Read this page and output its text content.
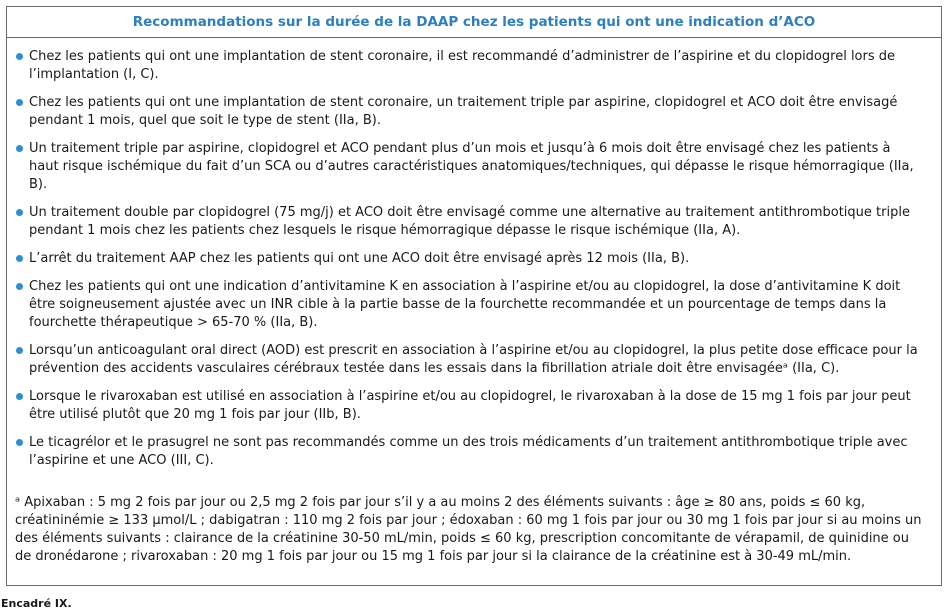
Recommandations sur la durée de la DAAP chez les patients qui ont une indication d’ACO
Chez les patients qui ont une implantation de stent coronaire, il est recommandé d’administrer de l’aspirine et du clopidogrel lors de l’implantation (I, C).
Chez les patients qui ont une implantation de stent coronaire, un traitement triple par aspirine, clopidogrel et ACO doit être envisagé pendant 1 mois, quel que soit le type de stent (IIa, B).
Un traitement triple par aspirine, clopidogrel et ACO pendant plus d’un mois et jusqu’à 6 mois doit être envisagé chez les patients à haut risque ischémique du fait d’un SCA ou d’autres caractéristiques anatomiques/techniques, qui dépasse le risque hémorragique (IIa, B).
Un traitement double par clopidogrel (75 mg/j) et ACO doit être envisagé comme une alternative au traitement antithrombotique triple pendant 1 mois chez les patients chez lesquels le risque hémorragique dépasse le risque ischémique (IIa, A).
L’arrêt du traitement AAP chez les patients qui ont une ACO doit être envisagé après 12 mois (IIa, B).
Chez les patients qui ont une indication d’antivitamine K en association à l’aspirine et/ou au clopidogrel, la dose d’antivitamine K doit être soigneusement ajustée avec un INR cible à la partie basse de la fourchette recommandée et un pourcentage de temps dans la fourchette thérapeutique > 65-70 % (IIa, B).
Lorsqu’un anticoagulant oral direct (AOD) est prescrit en association à l’aspirine et/ou au clopidogrel, la plus petite dose efficace pour la prévention des accidents vasculaires cérébraux testée dans les essais dans la fibrillation atriale doit être envisagéeᵃ (IIa, C).
Lorsque le rivaroxaban est utilisé en association à l’aspirine et/ou au clopidogrel, le rivaroxaban à la dose de 15 mg 1 fois par jour peut être utilisé plutôt que 20 mg 1 fois par jour (IIb, B).
Le ticagrélor et le prasugrel ne sont pas recommandés comme un des trois médicaments d’un traitement antithrombotique triple avec l’aspirine et une ACO (III, C).
ᵃ Apixaban : 5 mg 2 fois par jour ou 2,5 mg 2 fois par jour s’il y a au moins 2 des éléments suivants : âge ≥ 80 ans, poids ≤ 60 kg, créatininémie ≥ 133 µmol/L ; dabigatran : 110 mg 2 fois par jour ; édoxaban : 60 mg 1 fois par jour ou 30 mg 1 fois par jour si au moins un des éléments suivants : clairance de la créatinine 30-50 mL/min, poids ≤ 60 kg, prescription concomitante de vérapamil, de quinidine ou de dronédarone ; rivaroxaban : 20 mg 1 fois par jour ou 15 mg 1 fois par jour si la clairance de la créatinine est à 30-49 mL/min.
Encadré IX.
